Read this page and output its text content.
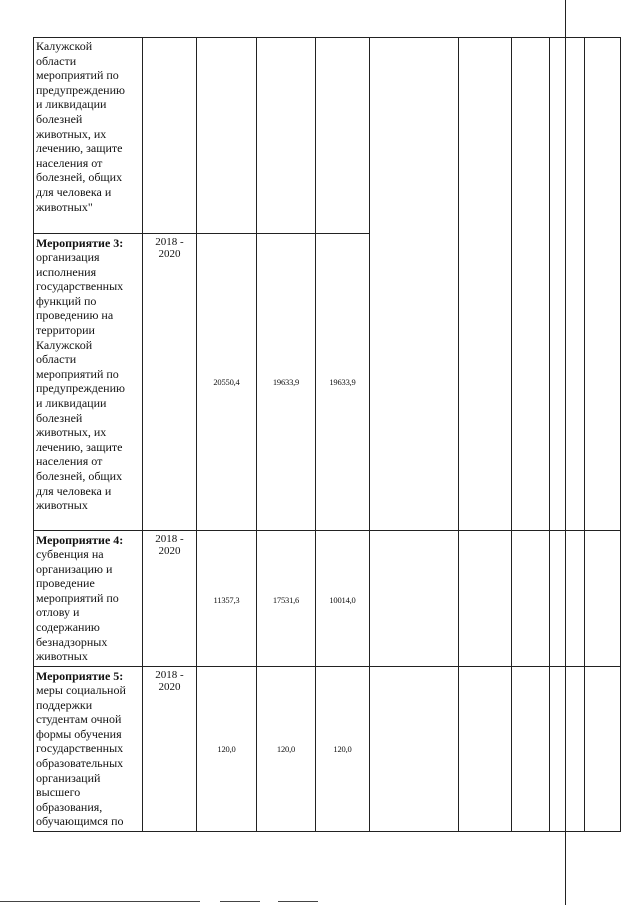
Калужской
области
мероприятий по
предупреждению
и ликвидации
болезней
животных, их
лечению, защите
населения от
болезней, общих
для человека и
животных"
Мероприятие 3:
организация
исполнения
государственных
функций по
проведению на
территории
Калужской
области
мероприятий по
предупреждению
и ликвидации
болезней
животных, их
лечению, защите
населения от
болезней, общих
для человека и
животных
2018 -
2020
20550,4	19633,9	19633,9
Мероприятие 4:
субвенция на
организацию и
проведение
мероприятий по
отлову и
содержанию
безнадзорных
животных
2018 -
2020
11357,3	17531,6	10014,0
Мероприятие 5:
меры социальной
поддержки
студентам очной
формы обучения
государственных
образовательных
организаций
высшего
образования,
обучающимся по
2018 -
2020
120,0	120,0	120,0
